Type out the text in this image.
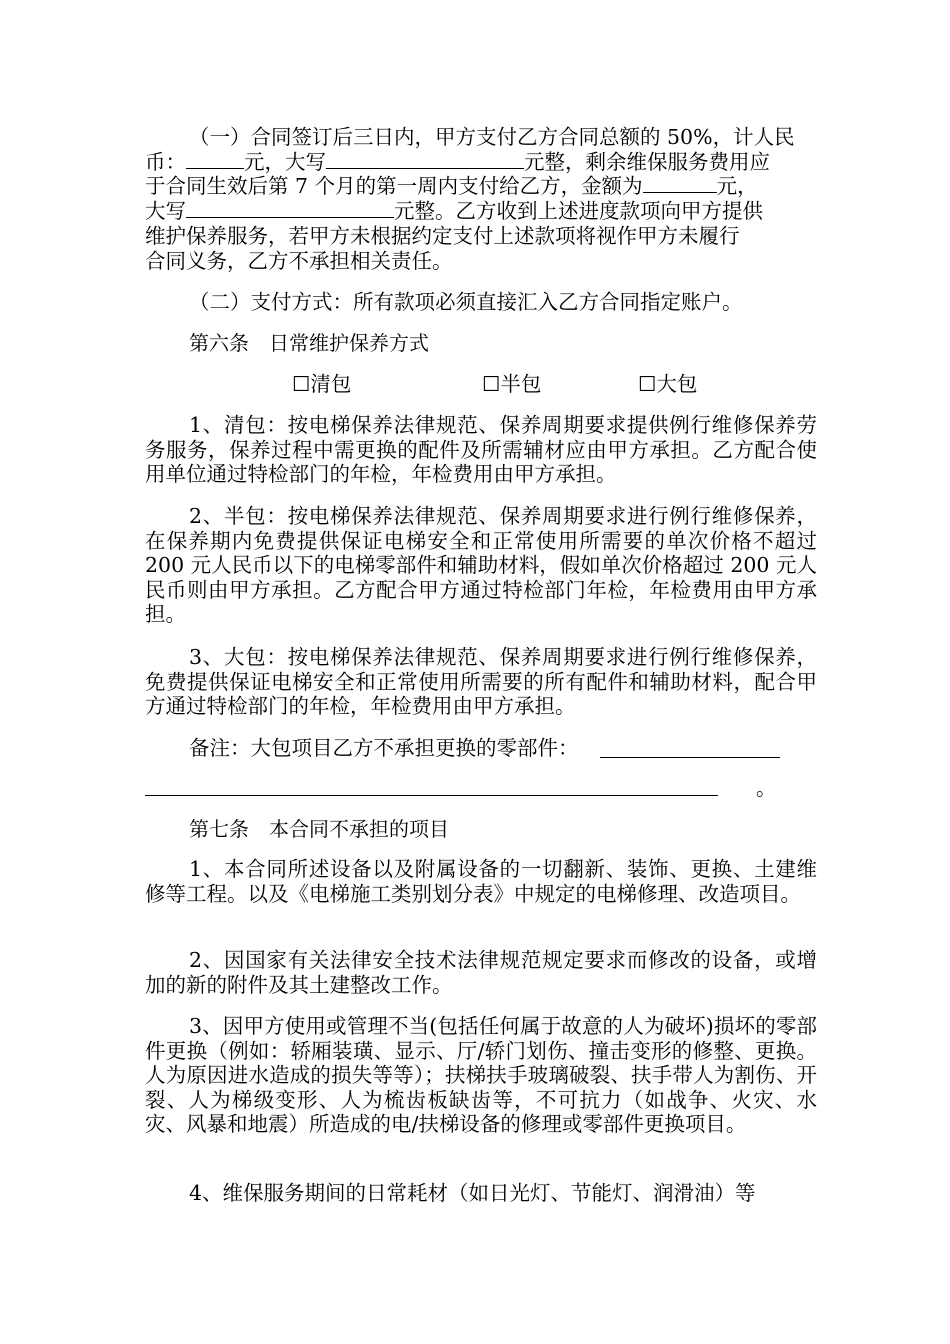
（一）合同签订后三日内，甲方支付乙方合同总额的 50%，计人民
币：	元，大写	元整，剩余维保服务费用应
于合同生效后第 7 个月的第一周内支付给乙方，金额为	元，
大写	元整。乙方收到上述进度款项向甲方提供
维护保养服务，若甲方未根据约定支付上述款项将视作甲方未履行
合同义务，乙方不承担相关责任。
（二）支付方式：所有款项必须直接汇入乙方合同指定账户。
第六条　日常维护保养方式
☐清包	☐半包	☐大包

1、清包：按电梯保养法律规范、保养周期要求提供例行维修保养劳务服务，保养过程中需更换的配件及所需辅材应由甲方承担。乙方配合使用单位通过特检部门的年检，年检费用由甲方承担。

2、半包：按电梯保养法律规范、保养周期要求进行例行维修保养，在保养期内免费提供保证电梯安全和正常使用所需要的单次价格不超过 200 元人民币以下的电梯零部件和辅助材料，假如单次价格超过 200 元人民币则由甲方承担。乙方配合甲方通过特检部门年检，年检费用由甲方承担。

3、大包：按电梯保养法律规范、保养周期要求进行例行维修保养，免费提供保证电梯安全和正常使用所需要的所有配件和辅助材料，配合甲方通过特检部门的年检，年检费用由甲方承担。

备注：大包项目乙方不承担更换的零部件：
。
第七条　本合同不承担的项目

1、本合同所述设备以及附属设备的一切翻新、装饰、更换、土建维修等工程。以及《电梯施工类别划分表》中规定的电梯修理、改造项目。

2、因国家有关法律安全技术法律规范规定要求而修改的设备，或增加的新的附件及其土建整改工作。

3、因甲方使用或管理不当(包括任何属于故意的人为破坏)损坏的零部件更换（例如：轿厢装璜、显示、厅/轿门划伤、撞击变形的修整、更换。人为原因进水造成的损失等等）；扶梯扶手玻璃破裂、扶手带人为割伤、开裂、人为梯级变形、人为梳齿板缺齿等，不可抗力（如战争、火灾、水灾、风暴和地震）所造成的电/扶梯设备的修理或零部件更换项目。

4、维保服务期间的日常耗材（如日光灯、节能灯、润滑油）等
